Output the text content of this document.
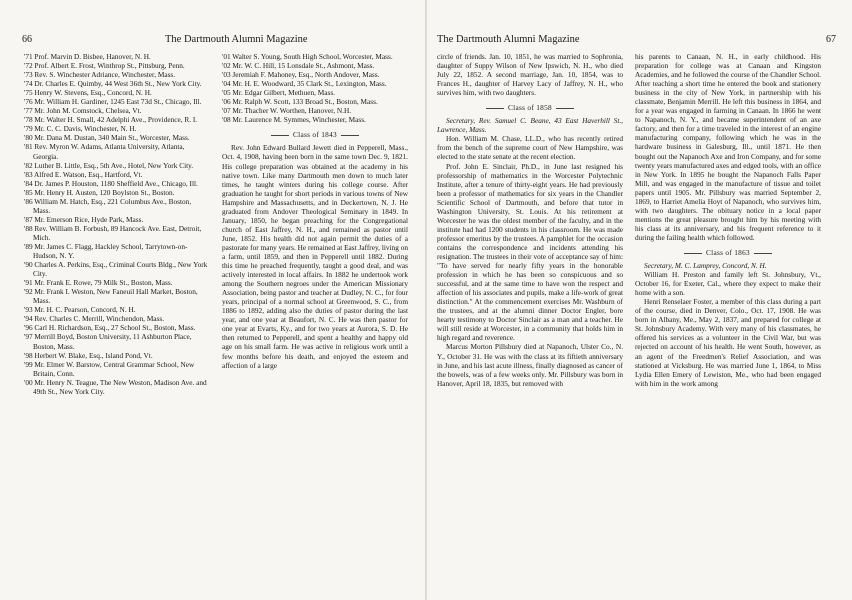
66	The Dartmouth Alumni Magazine

'71 Prof. Marvin D. Bisbee, Hanover, N. H.

'72 Prof. Albert E. Frost, Winthrop St., Pittsburg, Penn.

'73 Rev. S. Winchester Adriance, Winchester, Mass.

'74 Dr. Charles E. Quimby, 44 West 36th St., New York City.

'75 Henry W. Stevens, Esq., Concord, N. H.

'76 Mr. William H. Gardiner, 1245 East 73d St., Chicago, Ill.

'77 Mr. John M. Comstock, Chelsea, Vt.

'78 Mr. Walter H. Small, 42 Adelphi Ave., Providence, R. I.

'79 Mr. C. C. Davis, Winchester, N. H.

'80 Mr. Dana M. Dustan, 340 Main St., Worcester, Mass.

'81 Rev. Myron W. Adams, Atlanta University, Atlanta, Georgia.

'82 Luther B. Little, Esq., 5th Ave., Hotel, New York City.

'83 Alfred E. Watson, Esq., Hartford, Vt.

'84 Dr. James P. Houston, 1180 Sheffield Ave., Chicago, Ill.

'85 Mr. Henry H. Austen, 120 Boylston St., Boston.

'86 William M. Hatch, Esq., 221 Columbus Ave., Boston, Mass.

'87 Mr. Emerson Rice, Hyde Park, Mass.

'88 Rev. William B. Forbush, 89 Hancock Ave. East, Detroit, Mich.

'89 Mr. James C. Flagg, Hackley School, Tarrytown-on-Hudson, N. Y.

'90 Charles A. Perkins, Esq., Criminal Courts Bldg., New York City.

'91 Mr. Frank E. Rowe, 79 Milk St., Boston, Mass.

'92 Mr. Frank I. Weston, New Faneuil Hall Market, Boston, Mass.

'93 Mr. H. C. Pearson, Concord, N. H.

'94 Rev. Charles C. Merrill, Winchendon, Mass.

'96 Carl H. Richardson, Esq., 27 School St., Boston, Mass.

'97 Merrill Boyd, Boston University, 11 Ashburton Place, Boston, Mass.

'98 Herbert W. Blake, Esq., Island Pond, Vt.

'99 Mr. Elmer W. Barstow, Central Grammar School, New Britain, Conn.

'00 Mr. Henry N. Teague, The New Weston, Madison Ave. and 49th St., New York City.

'01 Walter S. Young, South High School, Worcester, Mass.

'02 Mr. W. C. Hill, 15 Lonsdale St., Ashmont, Mass.

'03 Jeremiah F. Mahoney, Esq., North Andover, Mass.

'04 Mr. H. E. Woodward, 35 Clark St., Lexington, Mass.

'05 Mr. Edgar Gilbert, Methuen, Mass.

'06 Mr. Ralph W. Scott, 133 Broad St., Boston, Mass.

'07 Mr. Thacher W. Worthen, Hanover, N.H.

'08 Mr. Laurence M. Symmes, Winchester, Mass.

Class of 1843

Rev. John Edward Bullard Jewett died in Pepperell, Mass., Oct. 4, 1908, having been born in the same town Dec. 9, 1821. His college preparation was obtained at the academy in his native town. Like many Dartmouth men down to much later times, he taught winters during his college course. After graduation he taught for short periods in various towns of New Hampshire and Massachusetts, and in Deckertown, N. J. He graduated from Andover Theological Seminary in 1849. In January, 1850, he began preaching for the Congregational church of East Jaffrey, N. H., and remained as pastor until June, 1852. His health did not again permit the duties of a pastorate for many years. He remained at East Jaffrey, living on a farm, until 1859, and then in Pepperell until 1882. During this time he preached frequently, taught a good deal, and was actively interested in local affairs. In 1882 he undertook work among the Southern negroes under the American Missionary Association, being pastor and teacher at Dudley, N. C., for four years, principal of a normal school at Greenwood, S. C., from 1886 to 1892, adding also the duties of pastor during the last year, and one year at Beaufort, N. C. He was then pastor for one year at Evarts, Ky., and for two years at Aurora, S. D. He then returned to Pepperell, and spent a healthy and happy old age on his small farm. He was active in religious work until a few months before his death, and enjoyed the esteem and affection of a large

The Dartmouth Alumni Magazine	67

circle of friends. Jan. 10, 1851, he was married to Sophronia, daughter of Suppy Wilson of New Ipswich, N. H., who died July 22, 1852. A second marriage, Jan. 10, 1854, was to Frances H., daughter of Harvey Lacy of Jaffrey, N. H., who survives him, with two daughters.

Class of 1858

Secretary, Rev. Samuel C. Beane, 43 East Haverhill St., Lawrence, Mass.

Hon. William M. Chase, LL.D., who has recently retired from the bench of the supreme court of New Hampshire, was elected to the state senate at the recent election.

Prof. John E. Sinclair, Ph.D., in June last resigned his professorship of mathematics in the Worcester Polytechnic Institute, after a tenure of thirty-eight years. He had previously been a professor of mathematics for six years in the Chandler Scientific School of Dartmouth, and before that tutor in Washington University, St. Louis. At his retirement at Worcester he was the oldest member of the faculty, and in the institute had had 1200 students in his classroom. He was made professor emeritus by the trustees. A pamphlet for the occasion contains the correspondence and incidents attending his resignation. The trustees in their vote of acceptance say of him: "To have served for nearly fifty years in the honorable profession in which he has been so conspicuous and so successful, and at the same time to have won the respect and affection of his associates and pupils, make a life-work of great distinction." At the commencement exercises Mr. Washburn of the trustees, and at the alumni dinner Doctor Engler, bore hearty testimony to Doctor Sinclair as a man and a teacher. He will still reside at Worcester, in a community that holds him in high regard and reverence.

Marcus Morton Pillsbury died at Napanoch, Ulster Co., N. Y., October 31. He was with the class at its fiftieth anniversary in June, and his last acute illness, finally diagnosed as cancer of the bowels, was of a few weeks only. Mr. Pillsbury was born in Hanover, April 18, 1835, but removed with

his parents to Canaan, N. H., in early childhood. His preparation for college was at Canaan and Kingston Academies, and he followed the course of the Chandler School. After teaching a short time he entered the book and stationery business in the city of New York, in partnership with his classmate, Benjamin Merrill. He left this business in 1864, and for a year was engaged in farming in Canaan. In 1866 he went to Napanoch, N. Y., and became superintendent of an axe factory, and then for a time traveled in the interest of an engine manufacturing company, following which he was in the hardware business in Galesburg, Ill., until 1871. He then bought out the Napanoch Axe and Iron Company, and for some twenty years manufactured axes and edged tools, with an office in New York. In 1895 he bought the Napanoch Falls Paper Mill, and was engaged in the manufacture of tissue and toilet papers until 1905. Mr. Pillsbury was married September 2, 1869, to Harriet Amelia Hoyt of Napanoch, who survives him, with two daughters. The obituary notice in a local paper mentions the great pleasure brought him by his meeting with his class at its anniversary, and his frequent reference to it during the failing health which followed.

Class of 1863

Secretary, M. C. Lamprey, Concord, N. H.

William H. Preston and family left St. Johnsbury, Vt., October 16, for Exeter, Cal., where they expect to make their home with a son.

Henri Renselaer Foster, a member of this class during a part of the course, died in Denver, Colo., Oct. 17, 1908. He was born in Albany, Me., May 2, 1837, and prepared for college at St. Johnsbury Academy. With very many of his classmates, he offered his services as a volunteer in the Civil War, but was rejected on account of his health. He went South, however, as an agent of the Freedmen's Relief Association, and was stationed at Vicksburg. He was married June 1, 1864, to Miss Lydia Ellen Emery of Lewiston, Me., who had been engaged with him in the work among
